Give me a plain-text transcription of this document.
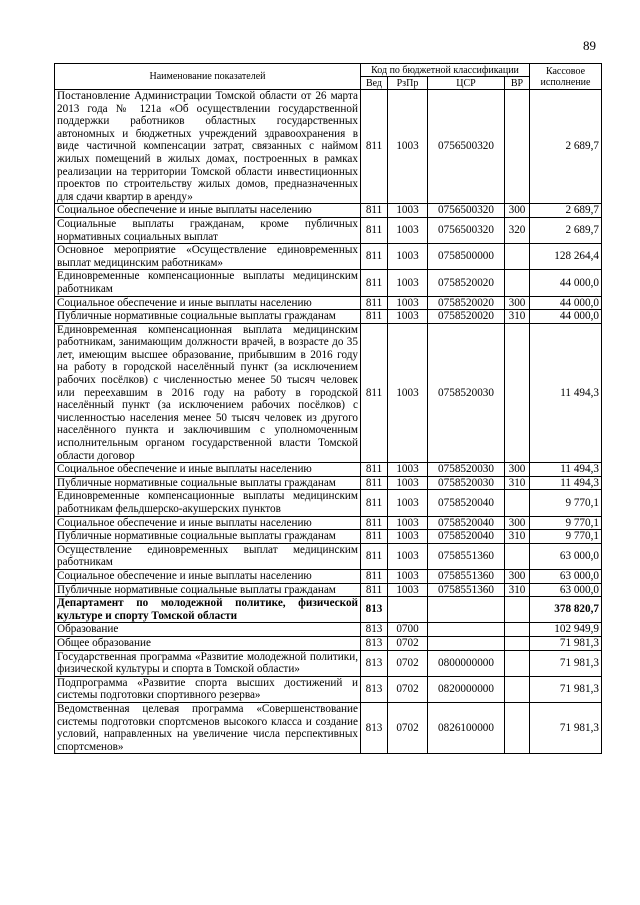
89
Наименование показателей	Код по бюджетной классификации				Кассовое исполнение
	Вед	РзПр	ЦСР	ВР	
Постановление Администрации Томской области от 26 марта 2013 года № 121а «Об осуществлении государственной поддержки работников областных государственных автономных и бюджетных учреждений здравоохранения в виде частичной компенсации затрат, связанных с наймом жилых помещений в жилых домах, построенных в рамках реализации на территории Томской области инвестиционных проектов по строительству жилых домов, предназначенных для сдачи квартир в аренду»	811	1003	0756500320		2 689,7
Социальное обеспечение и иные выплаты населению	811	1003	0756500320	300	2 689,7
Социальные выплаты гражданам, кроме публичных нормативных социальных выплат	811	1003	0756500320	320	2 689,7
Основное мероприятие «Осуществление единовременных выплат медицинским работникам»	811	1003	0758500000		128 264,4
Единовременные компенсационные выплаты медицинским работникам	811	1003	0758520020		44 000,0
Социальное обеспечение и иные выплаты населению	811	1003	0758520020	300	44 000,0
Публичные нормативные социальные выплаты гражданам	811	1003	0758520020	310	44 000,0
Единовременная компенсационная выплата медицинским работникам, занимающим должности врачей, в возрасте до 35 лет, имеющим высшее образование, прибывшим в 2016 году на работу в городской населённый пункт (за исключением рабочих посёлков) с численностью менее 50 тысяч человек или переехавшим в 2016 году на работу в городской населённый пункт (за исключением рабочих посёлков) с численностью населения менее 50 тысяч человек из другого населённого пункта и заключившим с уполномоченным исполнительным органом государственной власти Томской области договор	811	1003	0758520030		11 494,3
Социальное обеспечение и иные выплаты населению	811	1003	0758520030	300	11 494,3
Публичные нормативные социальные выплаты гражданам	811	1003	0758520030	310	11 494,3
Единовременные компенсационные выплаты медицинским работникам фельдшерско-акушерских пунктов	811	1003	0758520040		9 770,1
Социальное обеспечение и иные выплаты населению	811	1003	0758520040	300	9 770,1
Публичные нормативные социальные выплаты гражданам	811	1003	0758520040	310	9 770,1
Осуществление единовременных выплат медицинским работникам	811	1003	0758551360		63 000,0
Социальное обеспечение и иные выплаты населению	811	1003	0758551360	300	63 000,0
Публичные нормативные социальные выплаты гражданам	811	1003	0758551360	310	63 000,0
Департамент по молодежной политике, физической культуре и спорту Томской области	813				378 820,7
Образование	813	0700			102 949,9
Общее образование	813	0702			71 981,3
Государственная программа «Развитие молодежной политики, физической культуры и спорта в Томской области»	813	0702	0800000000		71 981,3
Подпрограмма «Развитие спорта высших достижений и системы подготовки спортивного резерва»	813	0702	0820000000		71 981,3
Ведомственная целевая программа «Совершенствование системы подготовки спортсменов высокого класса и создание условий, направленных на увеличение числа перспективных спортсменов»	813	0702	0826100000		71 981,3
